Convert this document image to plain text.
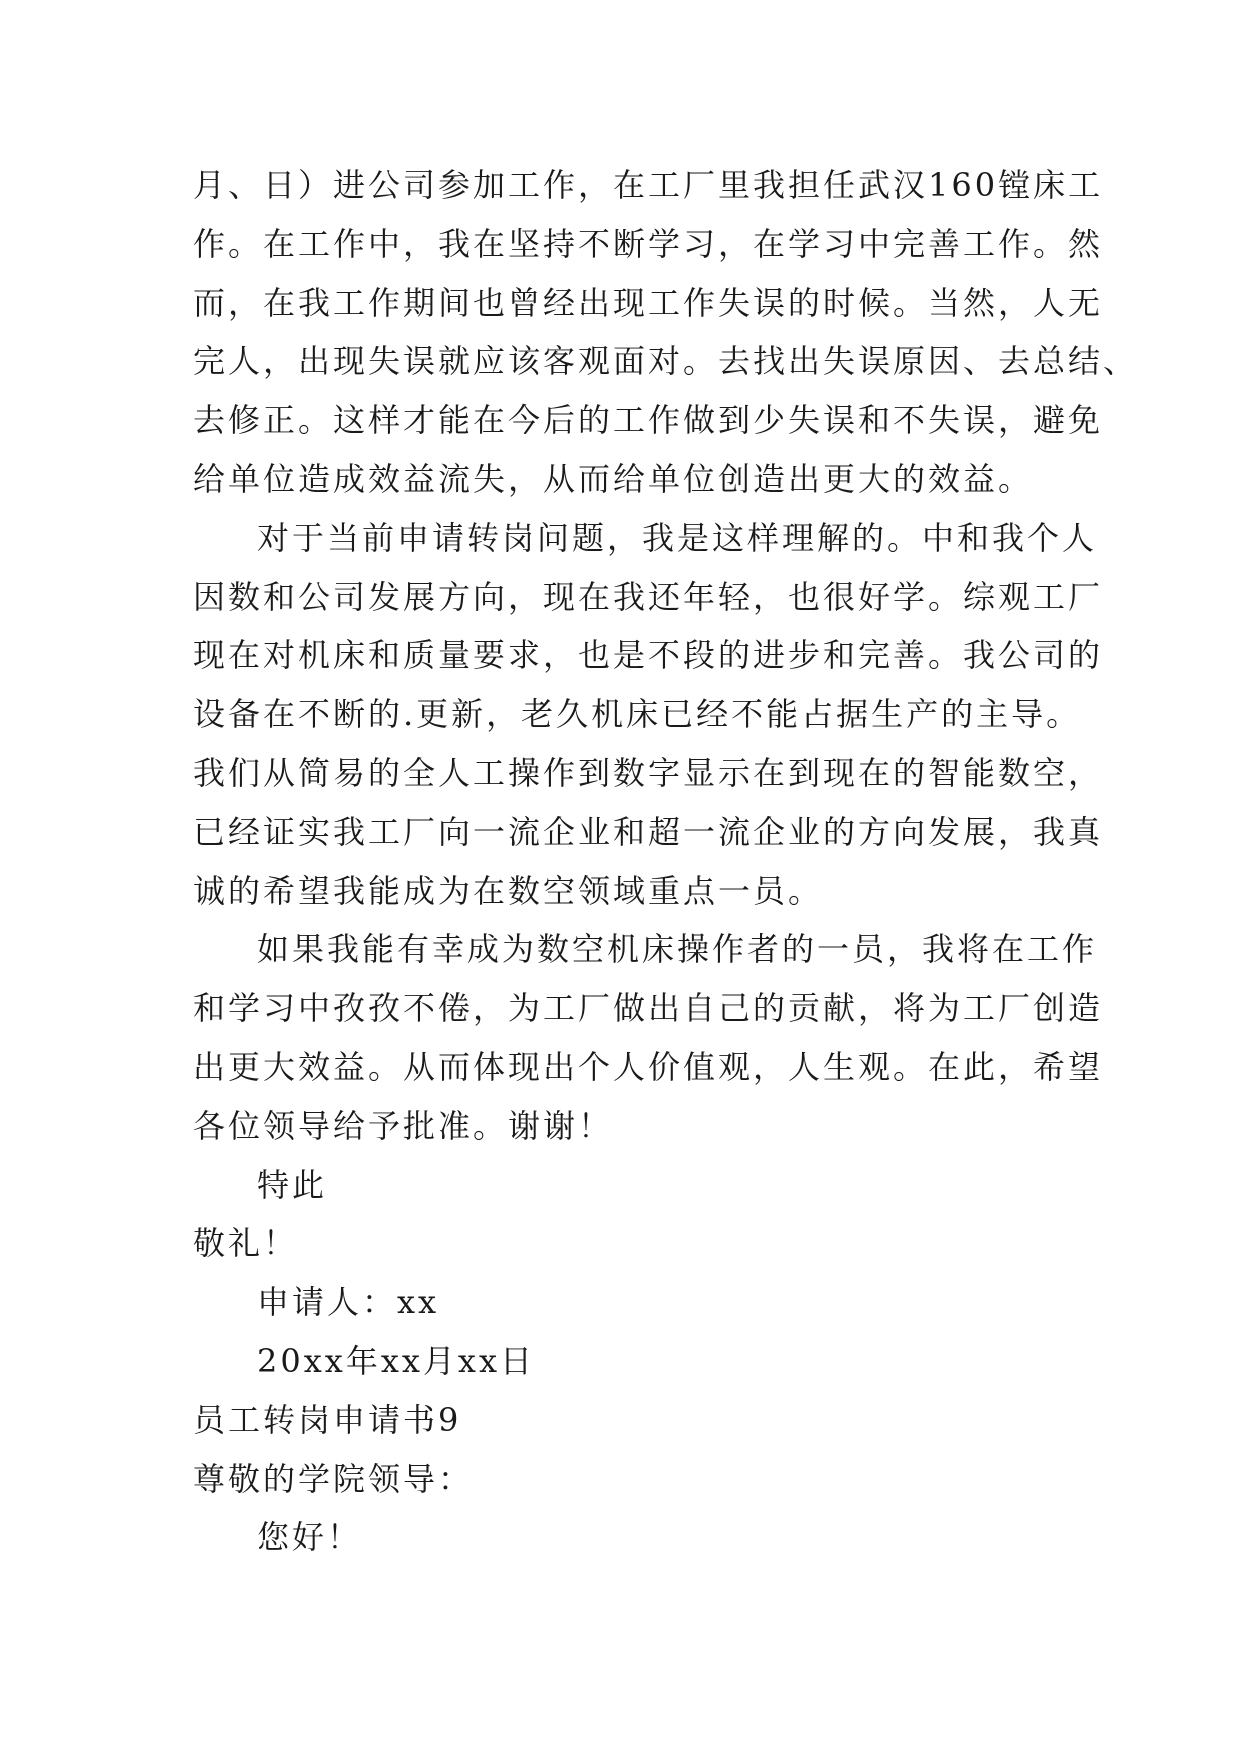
月、日）进公司参加工作，在工厂里我担任武汉160镗床工
作。在工作中，我在坚持不断学习，在学习中完善工作。然
而，在我工作期间也曾经出现工作失误的时候。当然，人无
完人，出现失误就应该客观面对。去找出失误原因、去总结、
去修正。这样才能在今后的工作做到少失误和不失误，避免
给单位造成效益流失，从而给单位创造出更大的效益。
对于当前申请转岗问题，我是这样理解的。中和我个人
因数和公司发展方向，现在我还年轻，也很好学。综观工厂
现在对机床和质量要求，也是不段的进步和完善。我公司的
设备在不断的.更新，老久机床已经不能占据生产的主导。
我们从简易的全人工操作到数字显示在到现在的智能数空，
已经证实我工厂向一流企业和超一流企业的方向发展，我真
诚的希望我能成为在数空领域重点一员。
如果我能有幸成为数空机床操作者的一员，我将在工作
和学习中孜孜不倦，为工厂做出自己的贡献，将为工厂创造
出更大效益。从而体现出个人价值观，人生观。在此，希望
各位领导给予批准。谢谢！
特此
敬礼！
申请人：xx
20xx年xx月xx日
员工转岗申请书9
尊敬的学院领导：
您好！
